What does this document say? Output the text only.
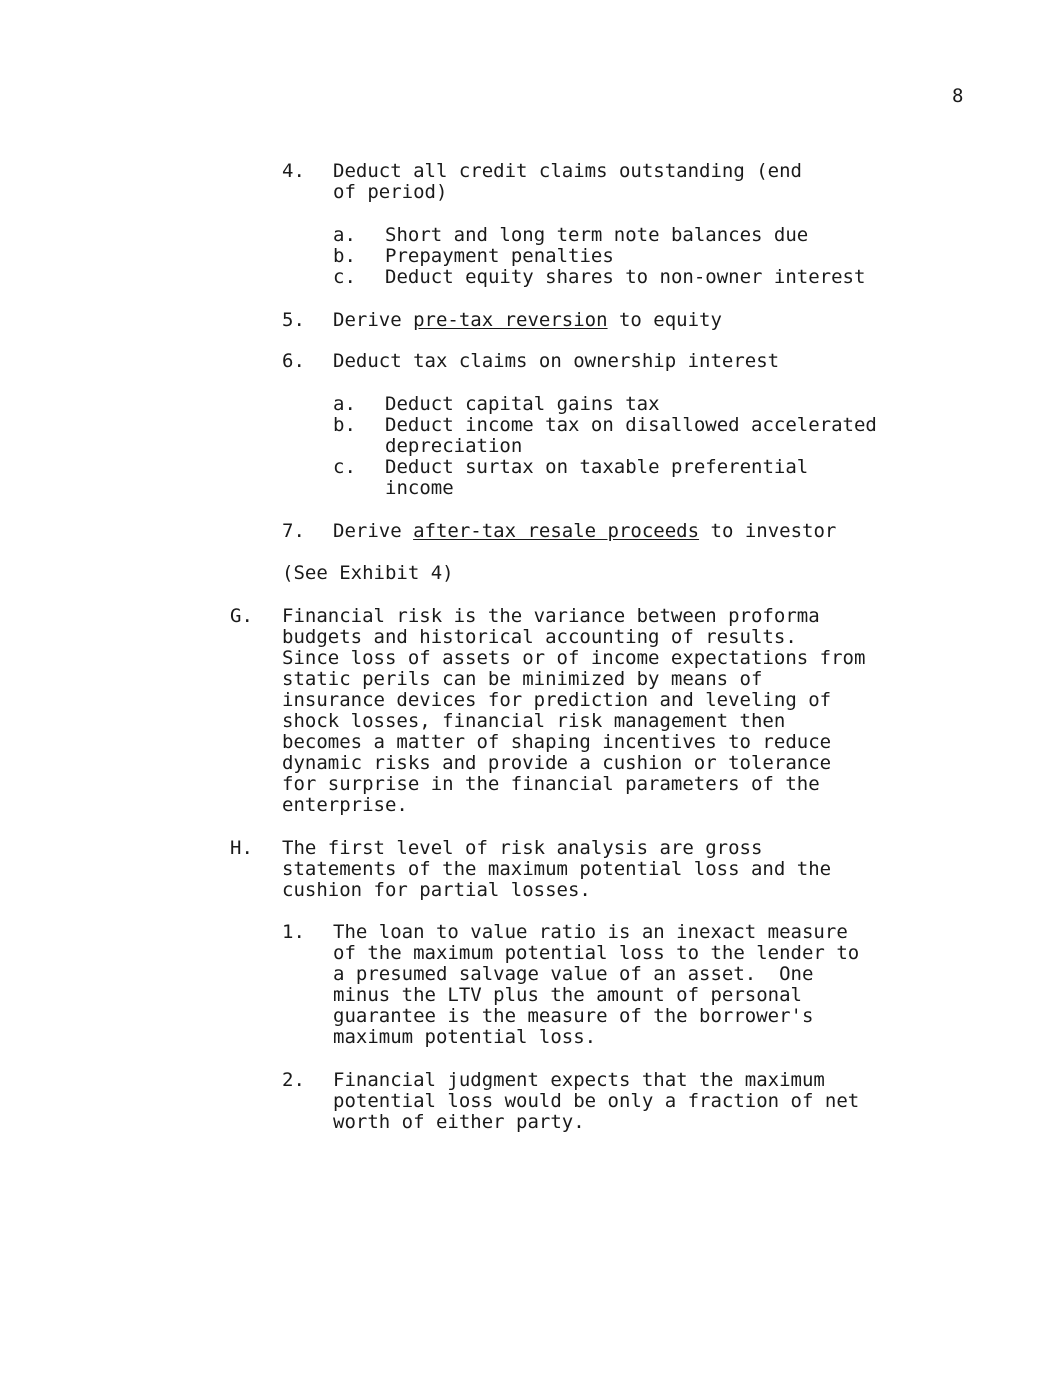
8
4. Deduct all credit claims outstanding (end
of period)
a. Short and long term note balances due
b. Prepayment penalties
c. Deduct equity shares to non-owner interest
5. Derive pre-tax reversion to equity
6. Deduct tax claims on ownership interest
a. Deduct capital gains tax
b. Deduct income tax on disallowed accelerated
depreciation
c. Deduct surtax on taxable preferential
income
7. Derive after-tax resale proceeds to investor
(See Exhibit 4)
G. Financial risk is the variance between proforma
budgets and historical accounting of results.
Since loss of assets or of income expectations from
static perils can be minimized by means of
insurance devices for prediction and leveling of
shock losses, financial risk management then
becomes a matter of shaping incentives to reduce
dynamic risks and provide a cushion or tolerance
for surprise in the financial parameters of the
enterprise.
H. The first level of risk analysis are gross
statements of the maximum potential loss and the
cushion for partial losses.
1. The loan to value ratio is an inexact measure
of the maximum potential loss to the lender to
a presumed salvage value of an asset.  One
minus the LTV plus the amount of personal
guarantee is the measure of the borrower's
maximum potential loss.
2. Financial judgment expects that the maximum
potential loss would be only a fraction of net
worth of either party.
